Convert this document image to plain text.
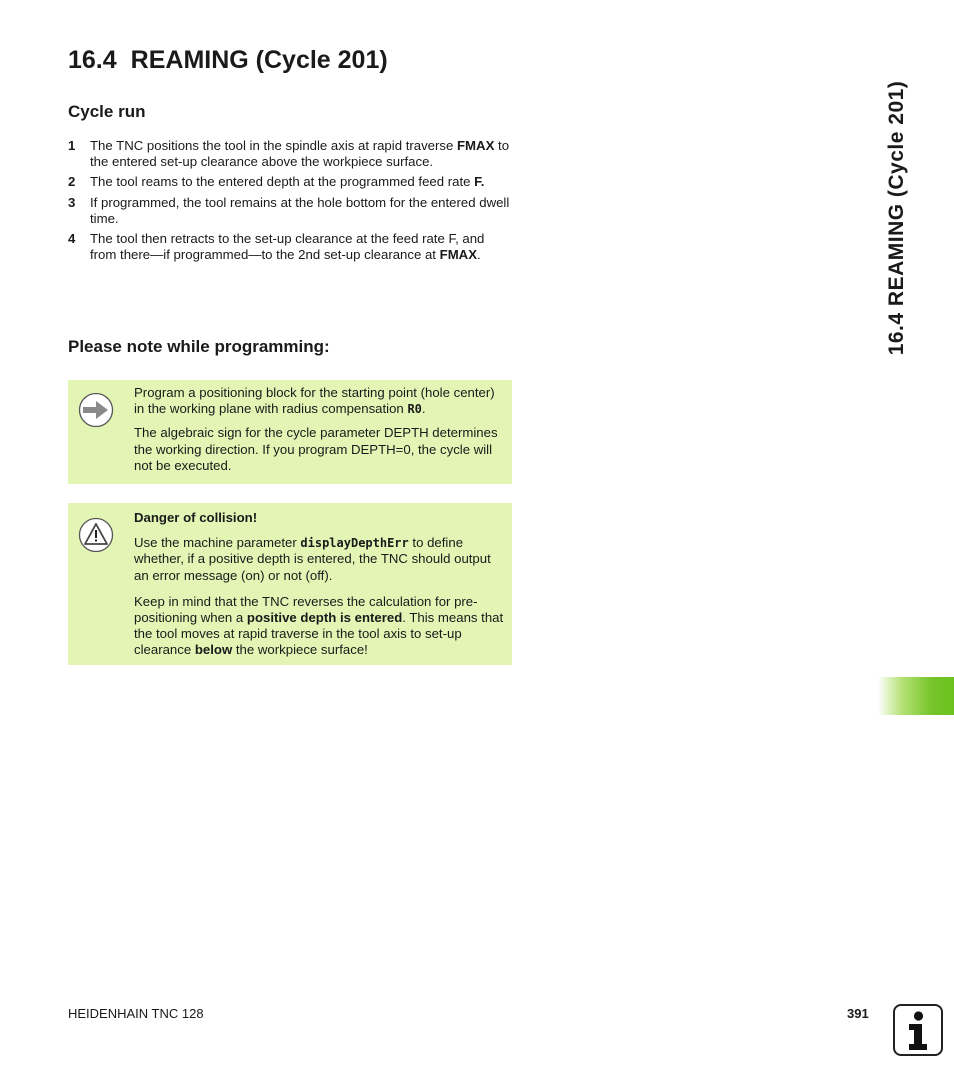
16.4 REAMING (Cycle 201)
Cycle run
1 The TNC positions the tool in the spindle axis at rapid traverse FMAX to the entered set-up clearance above the workpiece surface.
2 The tool reams to the entered depth at the programmed feed rate F.
3 If programmed, the tool remains at the hole bottom for the entered dwell time.
4 The tool then retracts to the set-up clearance at the feed rate F, and from there—if programmed—to the 2nd set-up clearance at FMAX.
Please note while programming:

Program a positioning block for the starting point (hole center) in the working plane with radius compensation R0.

The algebraic sign for the cycle parameter DEPTH determines the working direction. If you program DEPTH=0, the cycle will not be executed.

Danger of collision!

Use the machine parameter displayDepthErr to define whether, if a positive depth is entered, the TNC should output an error message (on) or not (off).

Keep in mind that the TNC reverses the calculation for pre-positioning when a positive depth is entered. This means that the tool moves at rapid traverse in the tool axis to set-up clearance below the workpiece surface!

16.4 REAMING (Cycle 201)
HEIDENHAIN TNC 128	391
